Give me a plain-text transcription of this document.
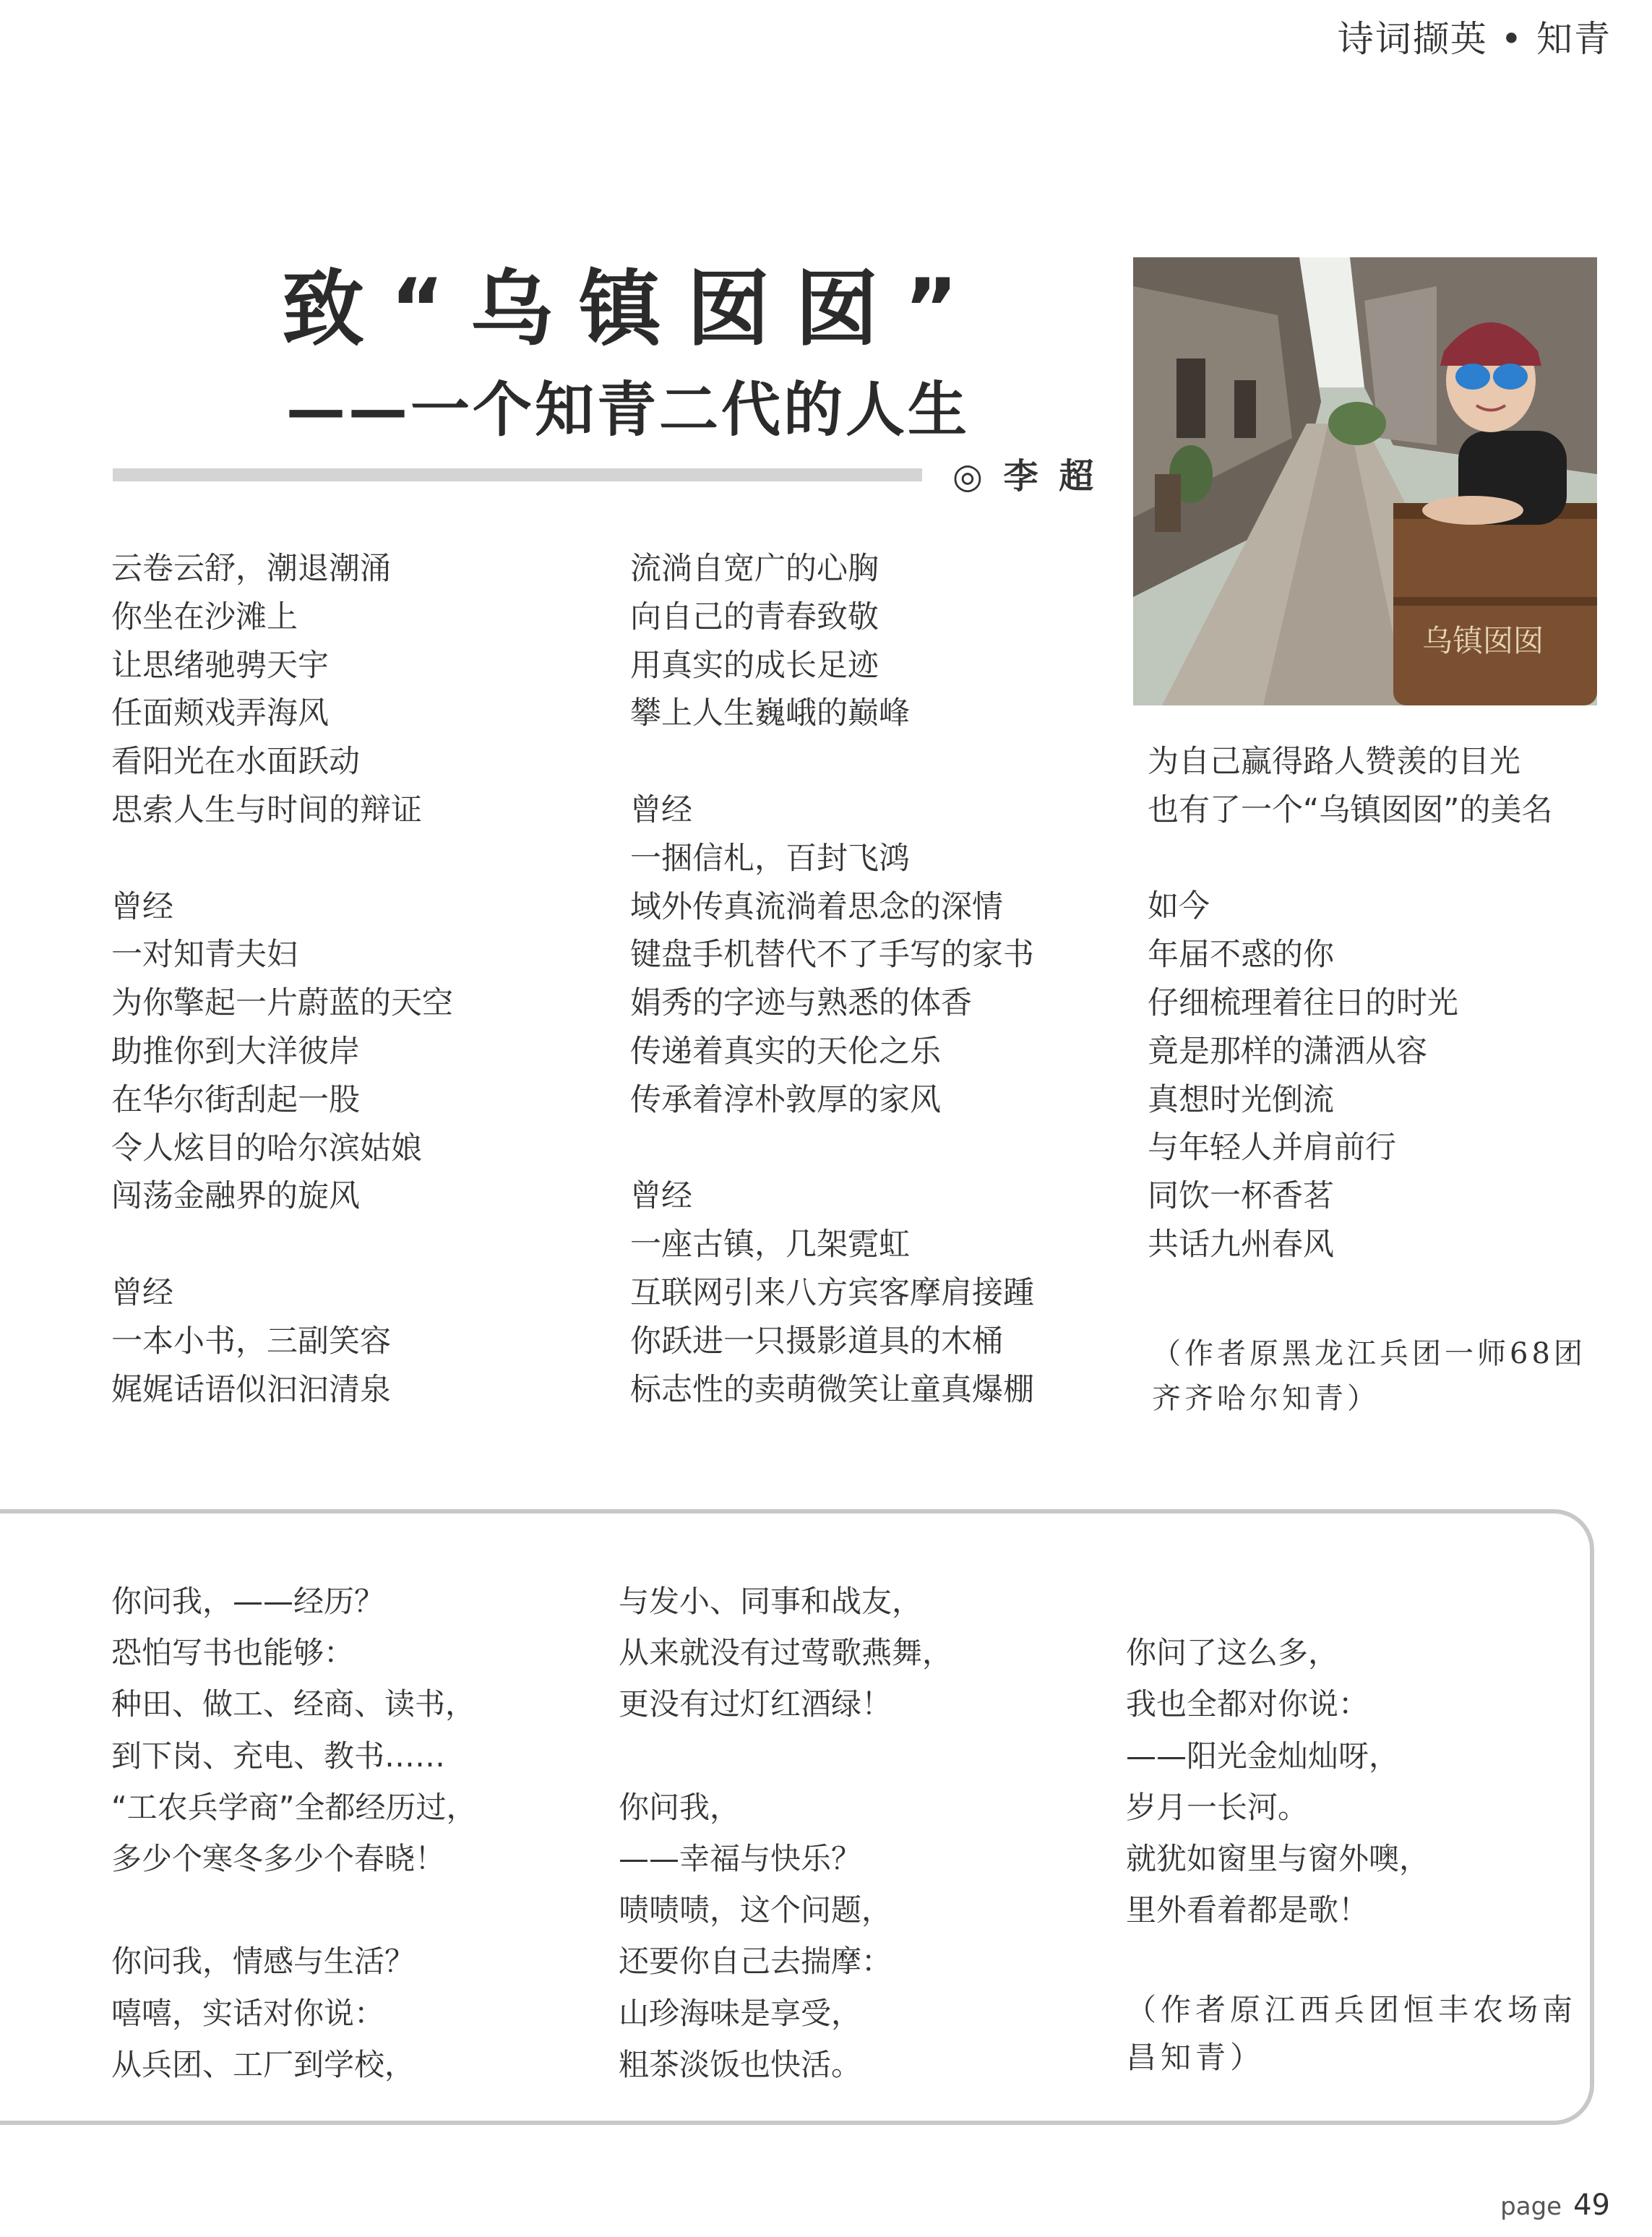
诗词撷英 • 知青
致“乌镇囡囡”
——一个知青二代的人生
◎ 李 超
乌镇囡囡
云卷云舒，潮退潮涌
你坐在沙滩上
让思绪驰骋天宇
任面颊戏弄海风
看阳光在水面跃动
思索人生与时间的辩证
曾经
一对知青夫妇
为你擎起一片蔚蓝的天空
助推你到大洋彼岸
在华尔街刮起一股
令人炫目的哈尔滨姑娘
闯荡金融界的旋风
曾经
一本小书，三副笑容
娓娓话语似汩汩清泉
流淌自宽广的心胸
向自己的青春致敬
用真实的成长足迹
攀上人生巍峨的巅峰
曾经
一捆信札，百封飞鸿
域外传真流淌着思念的深情
键盘手机替代不了手写的家书
娟秀的字迹与熟悉的体香
传递着真实的天伦之乐
传承着淳朴敦厚的家风
曾经
一座古镇，几架霓虹
互联网引来八方宾客摩肩接踵
你跃进一只摄影道具的木桶
标志性的卖萌微笑让童真爆棚
为自己赢得路人赞羡的目光
也有了一个“乌镇囡囡”的美名
如今
年届不惑的你
仔细梳理着往日的时光
竟是那样的潇洒从容
真想时光倒流
与年轻人并肩前行
同饮一杯香茗
共话九州春风
（作者原黑龙江兵团一师68团
齐齐哈尔知青）
你问我，——经历？
恐怕写书也能够：
种田、做工、经商、读书，
到下岗、充电、教书……
“工农兵学商”全都经历过，
多少个寒冬多少个春晓！
你问我，情感与生活？
嘻嘻，实话对你说：
从兵团、工厂到学校，
与发小、同事和战友，
从来就没有过莺歌燕舞，
更没有过灯红酒绿！
你问我，
——幸福与快乐？
啧啧啧，这个问题，
还要你自己去揣摩：
山珍海味是享受，
粗茶淡饭也快活。
你问了这么多，
我也全都对你说：
——阳光金灿灿呀，
岁月一长河。
就犹如窗里与窗外噢，
里外看着都是歌！
（作者原江西兵团恒丰农场南
昌知青）
page 49
